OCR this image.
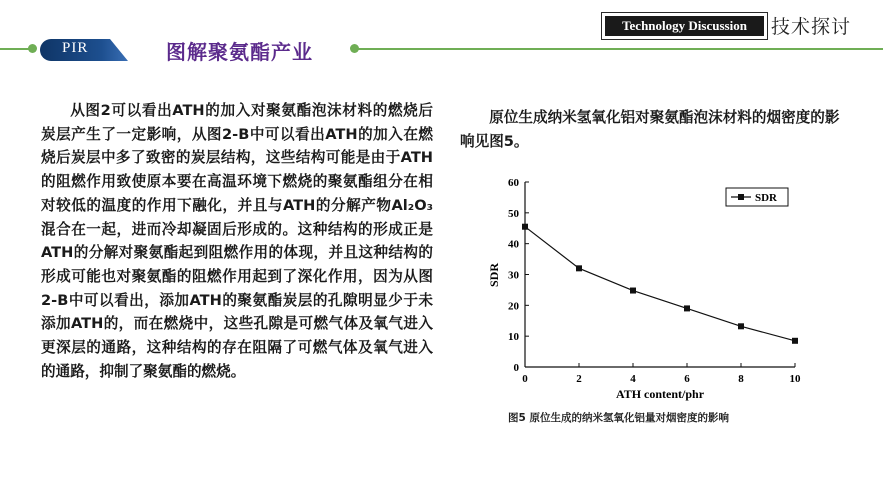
PIR	图解聚氨酯产业
Technology Discussion	技术探讨
从图2可以看出ATH的加入对聚氨酯泡沫材料的燃烧后炭层产生了一定影响，从图2-B中可以看出ATH的加入在燃烧后炭层中多了致密的炭层结构，这些结构可能是由于ATH的阻燃作用致使原本要在高温环境下燃烧的聚氨酯组分在相对较低的温度的作用下融化，并且与ATH的分解产物Al₂O₃混合在一起，进而冷却凝固后形成的。这种结构的形成正是ATH的分解对聚氨酯起到阻燃作用的体现，并且这种结构的形成可能也对聚氨酯的阻燃作用起到了深化作用，因为从图2-B中可以看出，添加ATH的聚氨酯炭层的孔隙明显少于未添加ATH的，而在燃烧中，这些孔隙是可燃气体及氧气进入更深层的通路，这种结构的存在阻隔了可燃气体及氧气进入的通路，抑制了聚氨酯的燃烧。
原位生成纳米氢氧化铝对聚氨酯泡沫材料的烟密度的影响见图5。
0
10
20
30
40
50
60
0	2	4	6	8	10
SDR
ATH content/phr
SDR
图5 原位生成的纳米氢氧化铝量对烟密度的影响
